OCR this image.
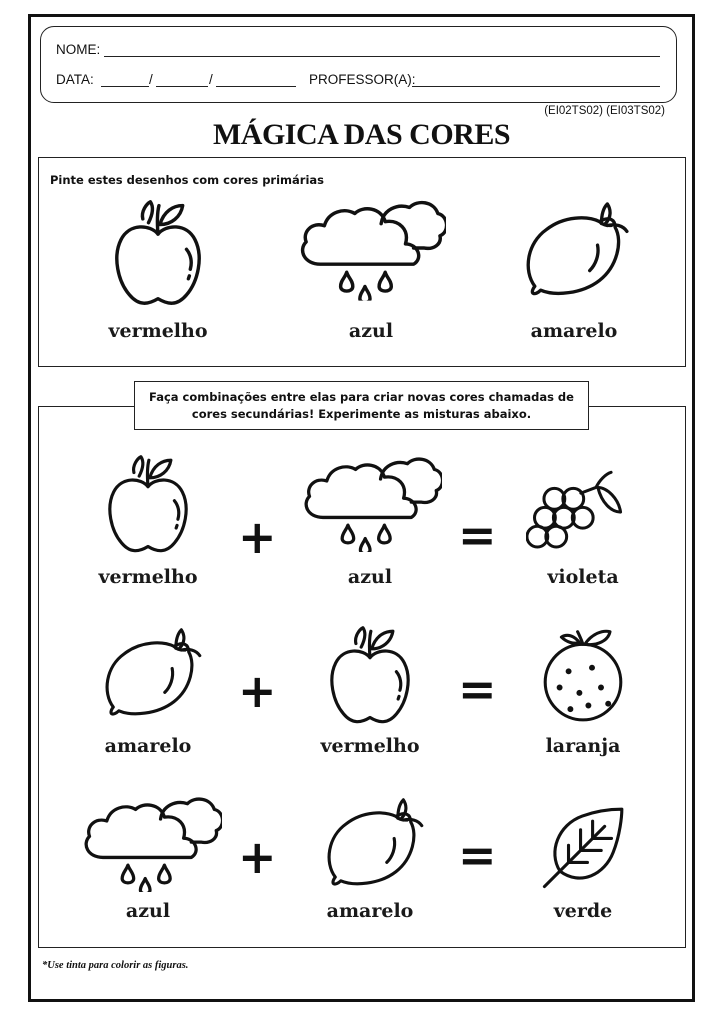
NOME:
DATA:	/	/	PROFESSOR(A):
(EI02TS02) (EI03TS02)
MÁGICA DAS CORES
Pinte estes desenhos com cores primárias
vermelho	azul	amarelo
Faça combinações entre elas para criar novas cores chamadas de
cores secundárias! Experimente as misturas abaixo.
vermelho
+
azul
=
violeta
amarelo
+
vermelho
=
laranja
azul
+
amarelo
=
verde
*Use tinta para colorir as figuras.
